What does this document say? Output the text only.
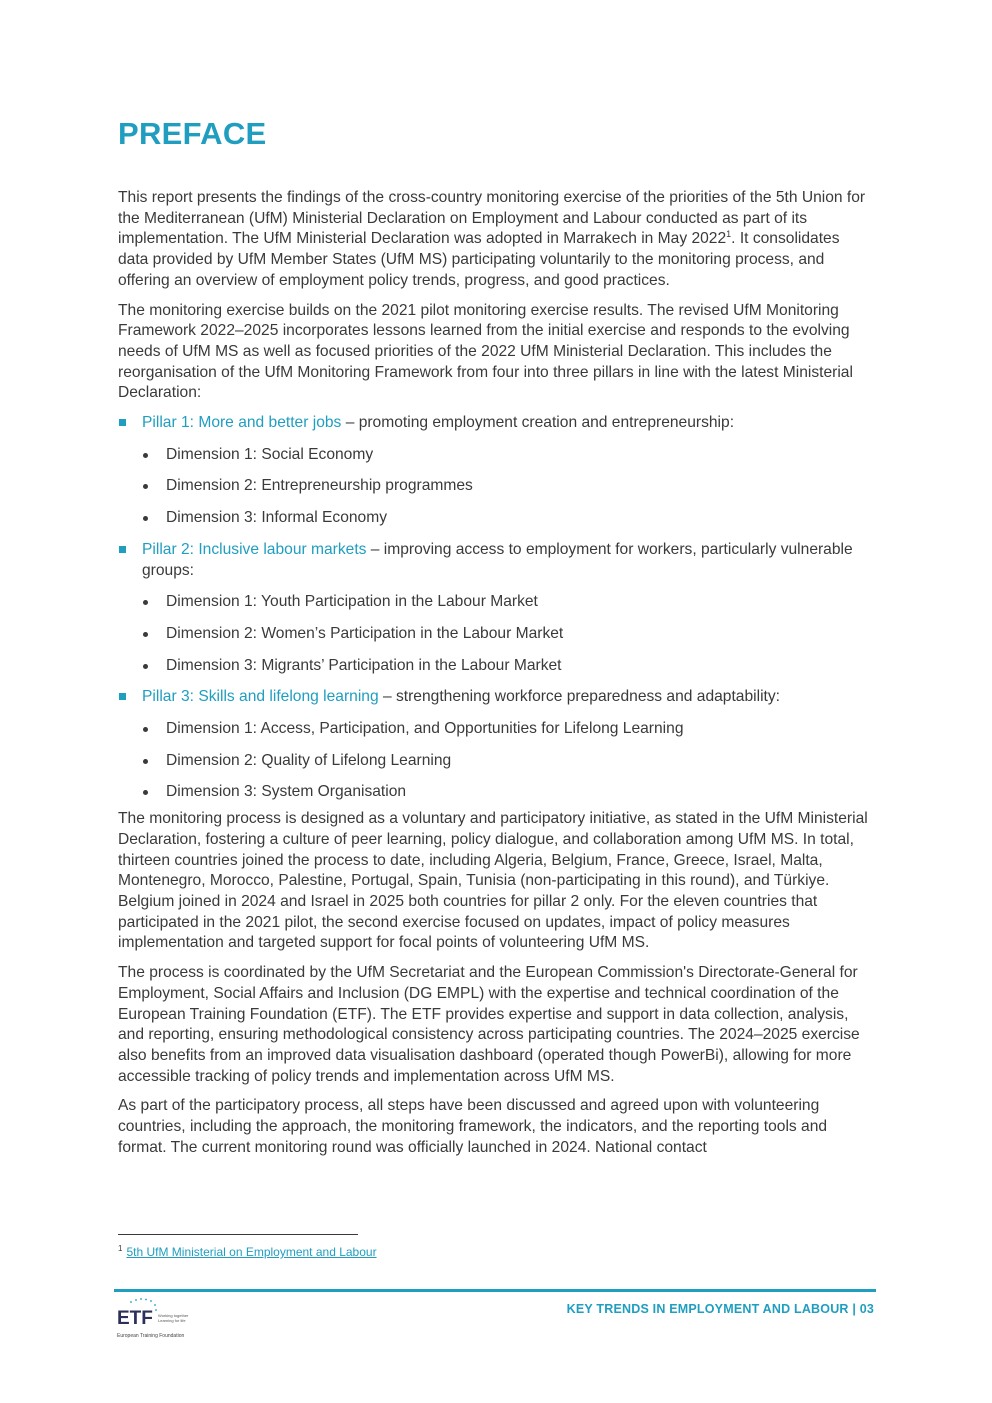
PREFACE

This report presents the findings of the cross-country monitoring exercise of the priorities of the 5th Union for the Mediterranean (UfM) Ministerial Declaration on Employment and Labour conducted as part of its implementation. The UfM Ministerial Declaration was adopted in Marrakech in May 2022$^1$. It consolidates data provided by UfM Member States (UfM MS) participating voluntarily to the monitoring process, and offering an overview of employment policy trends, progress, and good practices.

The monitoring exercise builds on the 2021 pilot monitoring exercise results. The revised UfM Monitoring Framework 2022–2025 incorporates lessons learned from the initial exercise and responds to the evolving needs of UfM MS as well as focused priorities of the 2022 UfM Ministerial Declaration. This includes the reorganisation of the UfM Monitoring Framework from four into three pillars in line with the latest Ministerial Declaration:

Pillar 1: More and better jobs – promoting employment creation and entrepreneurship:
Dimension 1: Social Economy
Dimension 2: Entrepreneurship programmes
Dimension 3: Informal Economy
Pillar 2: Inclusive labour markets – improving access to employment for workers, particularly vulnerable groups:
Dimension 1: Youth Participation in the Labour Market
Dimension 2: Women’s Participation in the Labour Market
Dimension 3: Migrants’ Participation in the Labour Market
Pillar 3: Skills and lifelong learning – strengthening workforce preparedness and adaptability:
Dimension 1: Access, Participation, and Opportunities for Lifelong Learning
Dimension 2: Quality of Lifelong Learning
Dimension 3: System Organisation

The monitoring process is designed as a voluntary and participatory initiative, as stated in the UfM Ministerial Declaration, fostering a culture of peer learning, policy dialogue, and collaboration among UfM MS. In total, thirteen countries joined the process to date, including Algeria, Belgium, France, Greece, Israel, Malta, Montenegro, Morocco, Palestine, Portugal, Spain, Tunisia (non-participating in this round), and Türkiye. Belgium joined in 2024 and Israel in 2025 both countries for pillar 2 only. For the eleven countries that participated in the 2021 pilot, the second exercise focused on updates, impact of policy measures implementation and targeted support for focal points of volunteering UfM MS.

The process is coordinated by the UfM Secretariat and the European Commission's Directorate-General for Employment, Social Affairs and Inclusion (DG EMPL) with the expertise and technical coordination of the European Training Foundation (ETF). The ETF provides expertise and support in data collection, analysis, and reporting, ensuring methodological consistency across participating countries. The 2024–2025 exercise also benefits from an improved data visualisation dashboard (operated though PowerBi), allowing for more accessible tracking of policy trends and implementation across UfM MS.

As part of the participatory process, all steps have been discussed and agreed upon with volunteering countries, including the approach, the monitoring framework, the indicators, and the reporting tools and format. The current monitoring round was officially launched in 2024. National contact

$^1$ 5th UfM Ministerial on Employment and Labour
ETF Working together
Learning for life
European Training Foundation
KEY TRENDS IN EMPLOYMENT AND LABOUR | 03
